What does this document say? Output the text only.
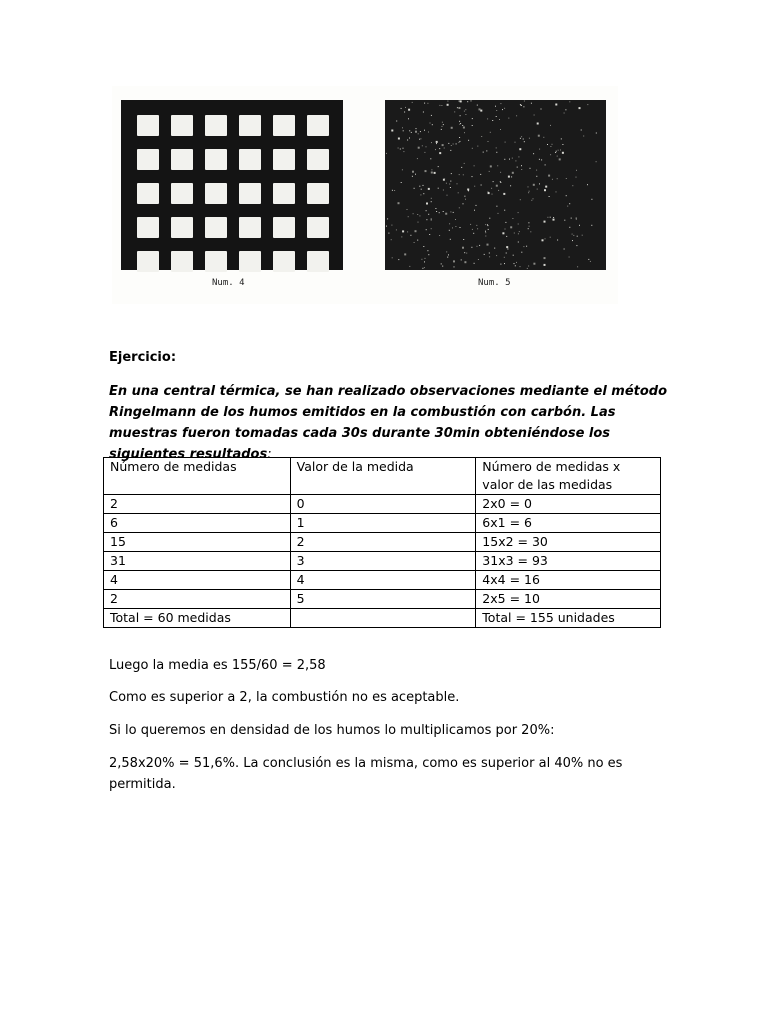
Num. 4	Num. 5
Ejercicio:
En una central térmica, se han realizado observaciones mediante el método Ringelmann de los humos emitidos en la combustión con carbón. Las muestras fueron tomadas cada 30s durante 30min obteniéndose los siguientes resultados:
Número de medidas	Valor de la medida	Número de medidas x valor de las medidas
2	0	2x0 = 0
6	1	6x1 = 6
15	2	15x2 = 30
31	3	31x3 = 93
4	4	4x4 = 16
2	5	2x5 = 10
Total = 60 medidas		Total = 155 unidades
Luego la media es 155/60 = 2,58
Como es superior a 2, la combustión no es aceptable.
Si lo queremos en densidad de los humos lo multiplicamos por 20%:
2,58x20% = 51,6%. La conclusión es la misma, como es superior al 40% no es permitida.
